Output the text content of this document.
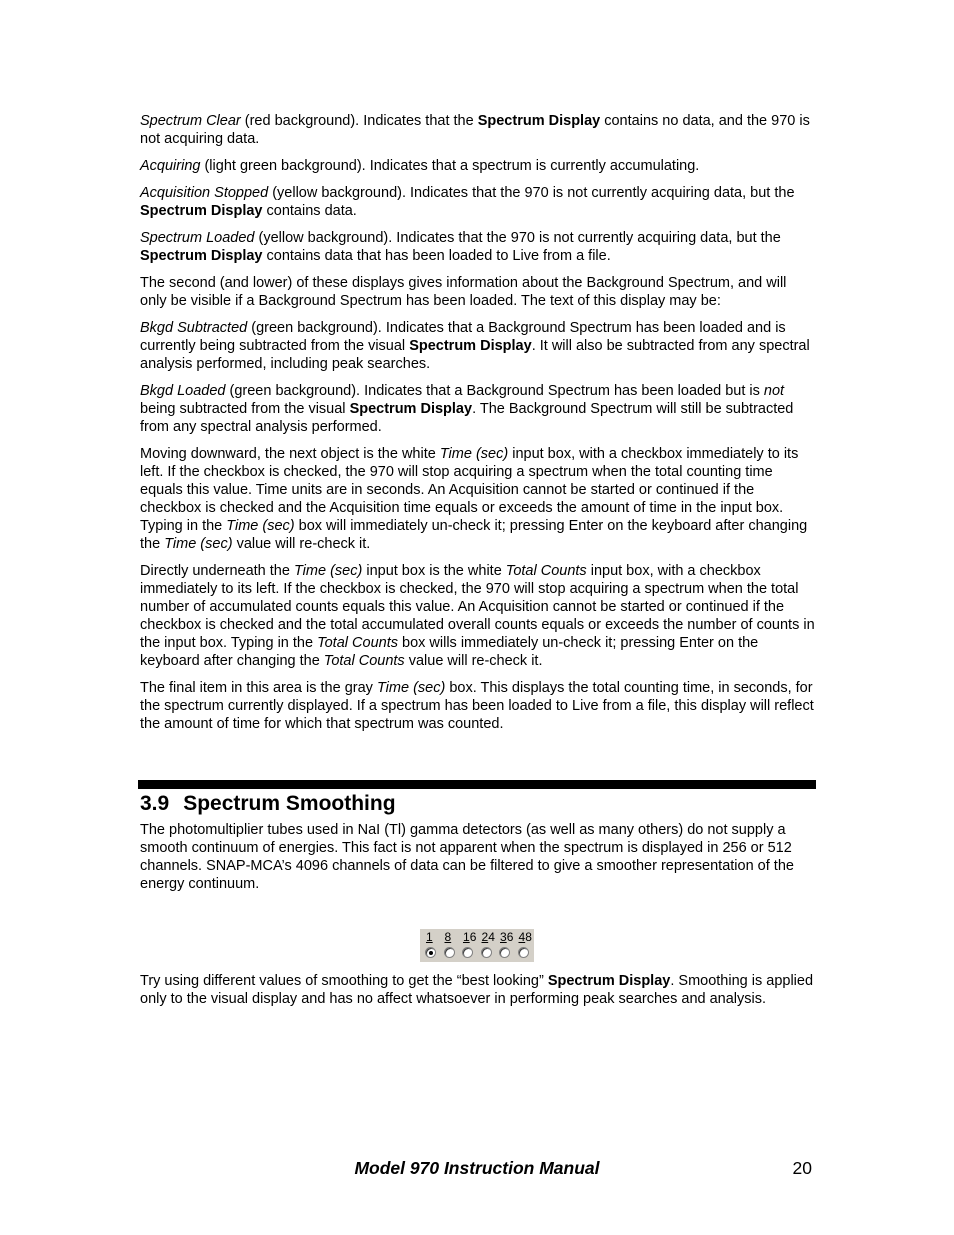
Spectrum Clear (red background). Indicates that the Spectrum Display contains no data, and the 970 is not acquiring data.

Acquiring (light green background). Indicates that a spectrum is currently accumulating.

Acquisition Stopped (yellow background). Indicates that the 970 is not currently acquiring data, but the Spectrum Display contains data.

Spectrum Loaded (yellow background). Indicates that the 970 is not currently acquiring data, but the Spectrum Display contains data that has been loaded to Live from a file.

The second (and lower) of these displays gives information about the Background Spectrum, and will only be visible if a Background Spectrum has been loaded. The text of this display may be:

Bkgd Subtracted (green background). Indicates that a Background Spectrum has been loaded and is currently being subtracted from the visual Spectrum Display. It will also be subtracted from any spectral analysis performed, including peak searches.

Bkgd Loaded (green background). Indicates that a Background Spectrum has been loaded but is not being subtracted from the visual Spectrum Display. The Background Spectrum will still be subtracted from any spectral analysis performed.

Moving downward, the next object is the white Time (sec) input box, with a checkbox immediately to its left. If the checkbox is checked, the 970 will stop acquiring a spectrum when the total counting time equals this value. Time units are in seconds. An Acquisition cannot be started or continued if the checkbox is checked and the Acquisition time equals or exceeds the amount of time in the input box. Typing in the Time (sec) box will immediately un-check it; pressing Enter on the keyboard after changing the Time (sec) value will re-check it.

Directly underneath the Time (sec) input box is the white Total Counts input box, with a checkbox immediately to its left. If the checkbox is checked, the 970 will stop acquiring a spectrum when the total number of accumulated counts equals this value. An Acquisition cannot be started or continued if the checkbox is checked and the total accumulated overall counts equals or exceeds the number of counts in the input box. Typing in the Total Counts box wills immediately un-check it; pressing Enter on the keyboard after changing the Total Counts value will re-check it.

The final item in this area is the gray Time (sec) box. This displays the total counting time, in seconds, for the spectrum currently displayed. If a spectrum has been loaded to Live from a file, this display will reflect the amount of time for which that spectrum was counted.

3.9 Spectrum Smoothing

The photomultiplier tubes used in NaI (Tl) gamma detectors (as well as many others) do not supply a smooth continuum of energies. This fact is not apparent when the spectrum is displayed in 256 or 512 channels. SNAP-MCA’s 4096 channels of data can be filtered to give a smoother representation of the energy continuum.

1 8 16 24 36 48

Try using different values of smoothing to get the “best looking” Spectrum Display. Smoothing is applied only to the visual display and has no affect whatsoever in performing peak searches and analysis.

Model 970 Instruction Manual	20
